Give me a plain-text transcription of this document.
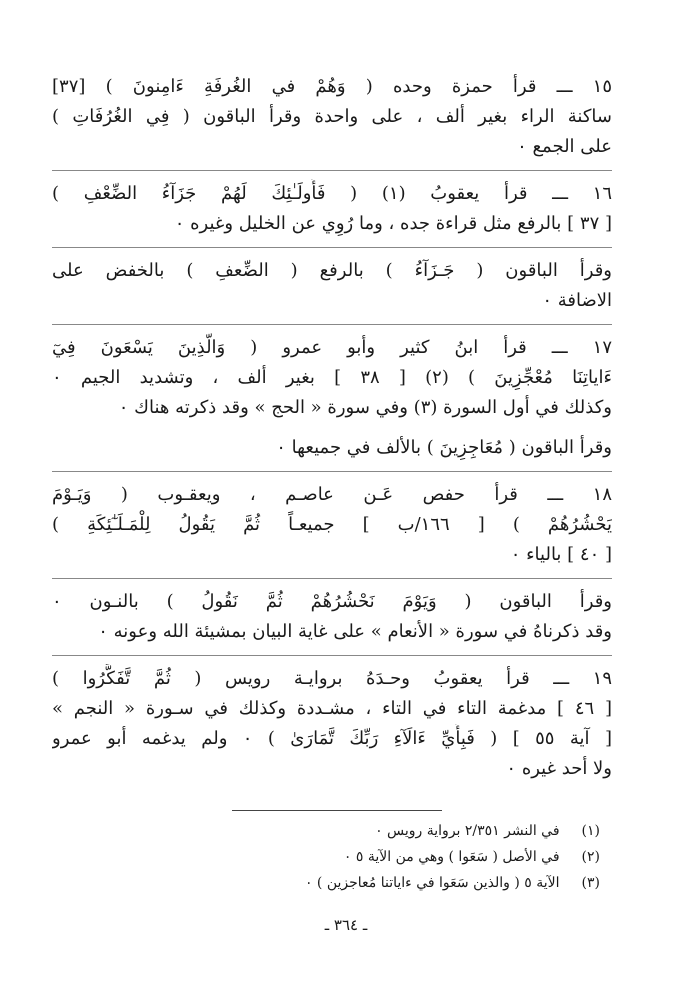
١٥ ـــ قرأ حمزة وحده ( وَهُمْ في الغُرفَةِ ءَامِنونَ ) [٣٧]
ساكنة الراء بغير ألف ، على واحدة وقرأ الباقون ( فِي الغُرُفَاتِ )
على الجمع ٠
١٦ ـــ قرأ يعقوبُ (١) ( فَأُولَـٰئِكَ لَهُمْ جَزَآءُ الضِّعْفِ )
[ ٣٧ ] بالرفع مثل قراءة جده ، وما رُوِي عن الخليل وغيره ٠
وقرأ الباقون ( جَـزَآءُ ) بالرفع ( الضِّعفِ ) بالخفض على
الاضافة ٠
١٧ ـــ قرأ ابنُ كثير وأبو عمرو ( وَالَّذِينَ يَسْعَونَ فِيٓ
ءَاياتِنَا مُعْجِّزِينَ ) (٢) [ ٣٨ ] بغير ألف ، وتشديد الجيم ٠
وكذلك في أول السورة (٣) وفي سورة « الحج » وقد ذكرته هناك ٠
وقرأ الباقون ( مُعَاجِزِينَ ) بالألف في جميعها ٠
١٨ ـــ قرأ حفص عَـن عاصـم ، ويعقـوب ( وَيَـوْمَ
يَحْشُرُهُمْ ) [ ١٦٦/ب ] جميعـاً ثُمَّ يَقُولُ لِلْمَـلَـٰٓئِكَةِ )
[ ٤٠ ] بالياء ٠
وقرأ الباقون ( وَيَوْمَ نَحْشُرُهُمْ ثُمَّ نَقُولُ ) بالنـون ٠
وقد ذكرناهُ في سورة « الأنعام » على غاية البيان بمشيئة الله وعونه ٠
١٩ ـــ قرأ يعقوبُ وحـدَهُ بروايـة رويس ( ثُمَّ تَّفَكَّرُوا )
[ ٤٦ ] مدغمة التاء في التاء ، مشـددة وكذلك في سـورة « النجم »
[ آية ٥٥ ] ( فَبِأَيِّ ءَالَآءِ رَبِّكَ تَّمَارَىٰ ) ٠ ولم يدغمه أبو عمرو
ولا أحد غيره ٠
(١) في النشر ٢/٣٥١ برواية رويس ٠
(٢) في الأصل ( سَعَوا ) وهي من الآية ٥ ٠
(٣) الآية ٥ ( والذين سَعَوا في ءاياتنا مُعاجزين ) ٠
ـ ٣٦٤ ـ
